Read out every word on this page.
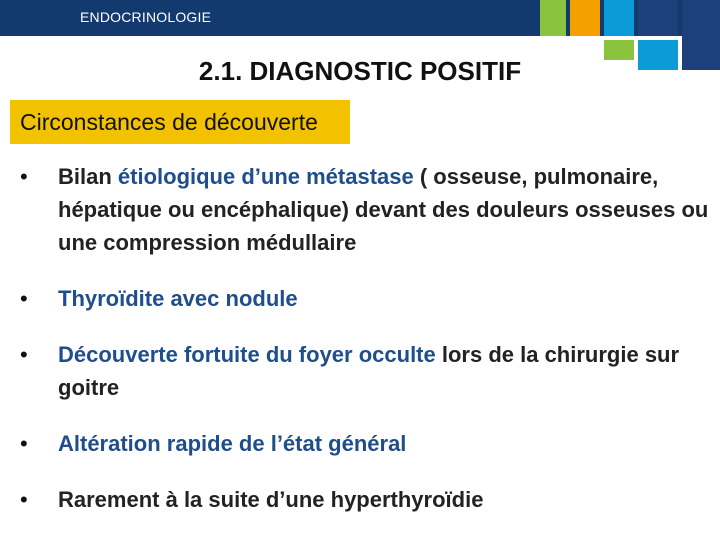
ENDOCRINOLOGIE
2.1. DIAGNOSTIC POSITIF
Circonstances de découverte
• Bilan étiologique d’une métastase ( osseuse, pulmonaire, hépatique ou encéphalique) devant des douleurs osseuses ou une compression médullaire
• Thyroïdite avec nodule
• Découverte fortuite du foyer occulte lors de la chirurgie sur goitre
• Altération rapide de l’état général
• Rarement à la suite d’une hyperthyroïdie
